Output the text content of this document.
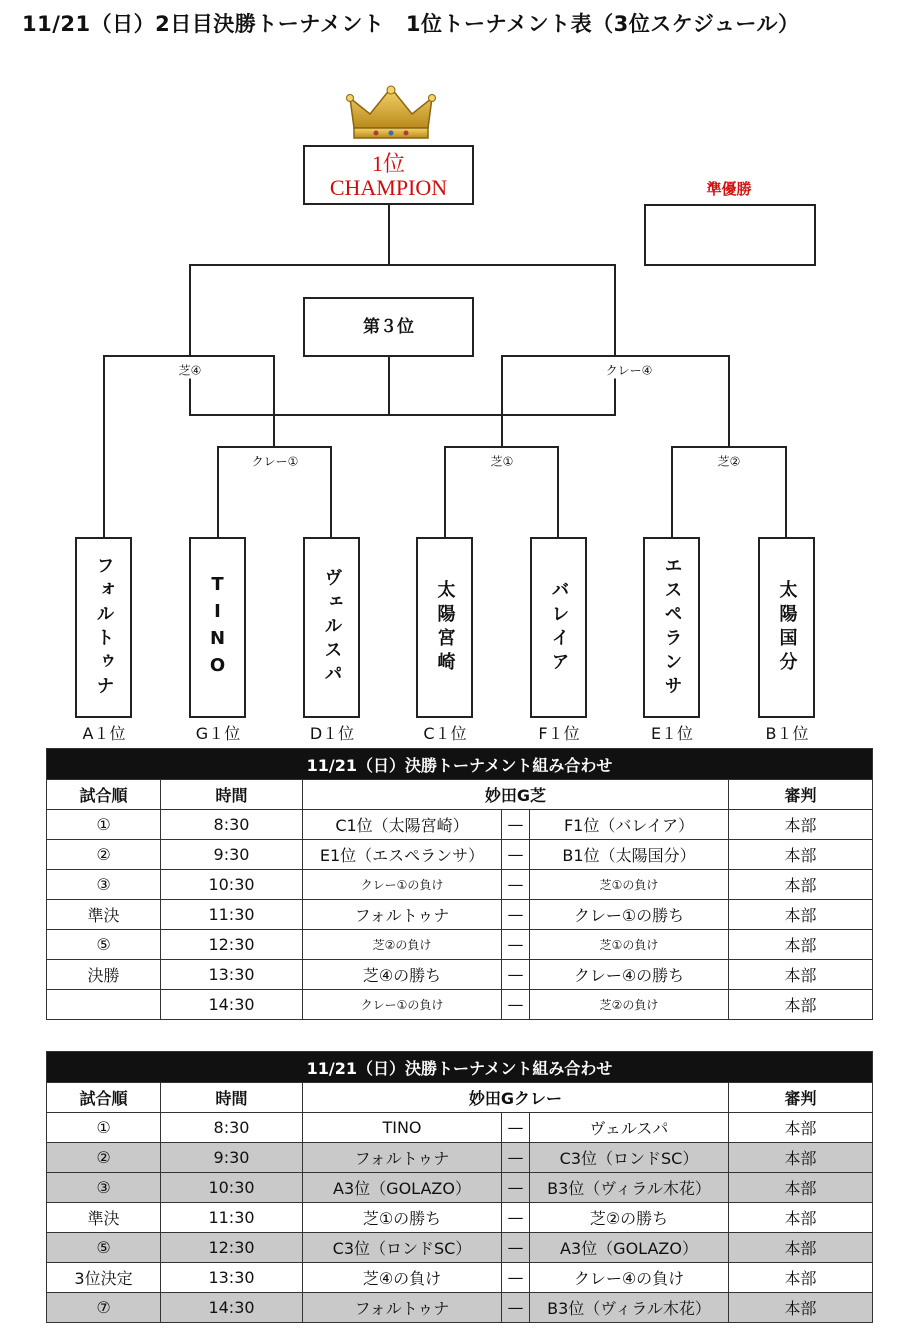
11/21（日）2日目決勝トーナメント　1位トーナメント表（3位スケジュール）
1位
CHAMPION	準優勝
第３位
芝④	クレー④
クレー①	芝①	芝②
フォルトゥナ	TINO	ヴェルスパ	太陽宮崎	バレイア	エスペランサ	太陽国分
A１位	G１位	D１位	C１位	F１位	E１位	B１位
11/21（日）決勝トーナメント組み合わせ					
試合順	時間	妙田G芝			審判
①	8:30	C1位（太陽宮崎）	—	F1位（バレイア）	本部
②	9:30	E1位（エスペランサ）	—	B1位（太陽国分）	本部
③	10:30	クレー①の負け	—	芝①の負け	本部
準決	11:30	フォルトゥナ	—	クレー①の勝ち	本部
⑤	12:30	芝②の負け	—	芝①の負け	本部
決勝	13:30	芝④の勝ち	—	クレー④の勝ち	本部
	14:30	クレー①の負け	—	芝②の負け	本部
11/21（日）決勝トーナメント組み合わせ					
試合順	時間	妙田Gクレー			審判
①	8:30	TINO	—	ヴェルスパ	本部
②	9:30	フォルトゥナ	—	C3位（ロンドSC）	本部
③	10:30	A3位（GOLAZO）	—	B3位（ヴィラル木花）	本部
準決	11:30	芝①の勝ち	—	芝②の勝ち	本部
⑤	12:30	C3位（ロンドSC）	—	A3位（GOLAZO）	本部
3位決定	13:30	芝④の負け	—	クレー④の負け	本部
⑦	14:30	フォルトゥナ	—	B3位（ヴィラル木花）	本部
